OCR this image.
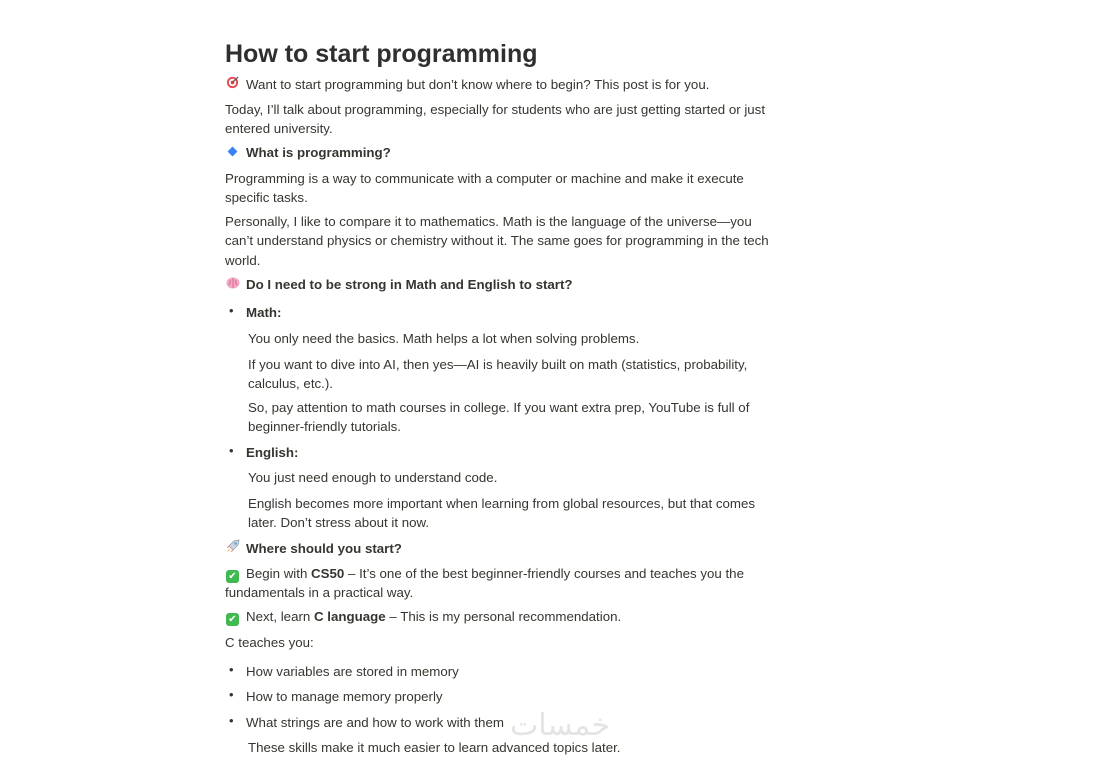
How to start programming
Want to start programming but don’t know where to begin? This post is for you.
Today, I’ll talk about programming, especially for students who are just getting started or just
entered university.
What is programming?
Programming is a way to communicate with a computer or machine and make it execute
specific tasks.
Personally, I like to compare it to mathematics. Math is the language of the universe—you
can’t understand physics or chemistry without it. The same goes for programming in the tech
world.
Do I need to be strong in Math and English to start?
• Math:
You only need the basics. Math helps a lot when solving problems.
If you want to dive into AI, then yes—AI is heavily built on math (statistics, probability,
calculus, etc.).
So, pay attention to math courses in college. If you want extra prep, YouTube is full of
beginner-friendly tutorials.
• English:
You just need enough to understand code.
English becomes more important when learning from global resources, but that comes
later. Don’t stress about it now.
Where should you start?
✔ Begin with CS50 – It’s one of the best beginner-friendly courses and teaches you the
fundamentals in a practical way.
✔ Next, learn C language – This is my personal recommendation.
C teaches you:
• How variables are stored in memory
• How to manage memory properly
• What strings are and how to work with them
These skills make it much easier to learn advanced topics later.
خمسات
